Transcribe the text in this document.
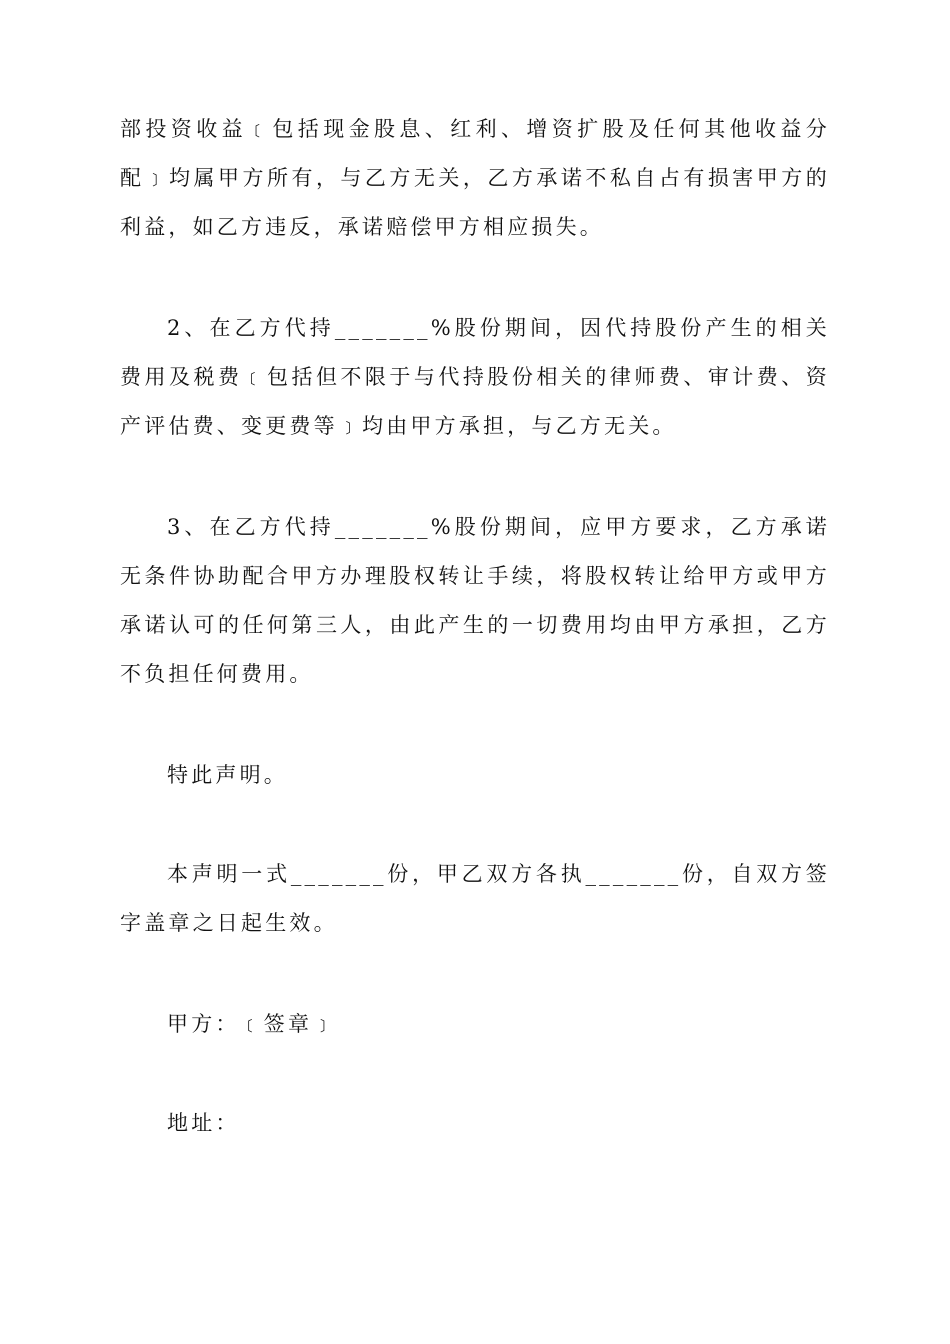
部投资收益﹝包括现金股息、红利、增资扩股及任何其他收益分配﹞均属甲方所有，与乙方无关，乙方承诺不私自占有损害甲方的利益，如乙方违反，承诺赔偿甲方相应损失。

2、在乙方代持_______%股份期间，因代持股份产生的相关费用及税费﹝包括但不限于与代持股份相关的律师费、审计费、资产评估费、变更费等﹞均由甲方承担，与乙方无关。

3、在乙方代持_______%股份期间，应甲方要求，乙方承诺无条件协助配合甲方办理股权转让手续，将股权转让给甲方或甲方承诺认可的任何第三人，由此产生的一切费用均由甲方承担，乙方不负担任何费用。

特此声明。

本声明一式_______份，甲乙双方各执_______份，自双方签字盖章之日起生效。

甲方：﹝签章﹞

地址：
